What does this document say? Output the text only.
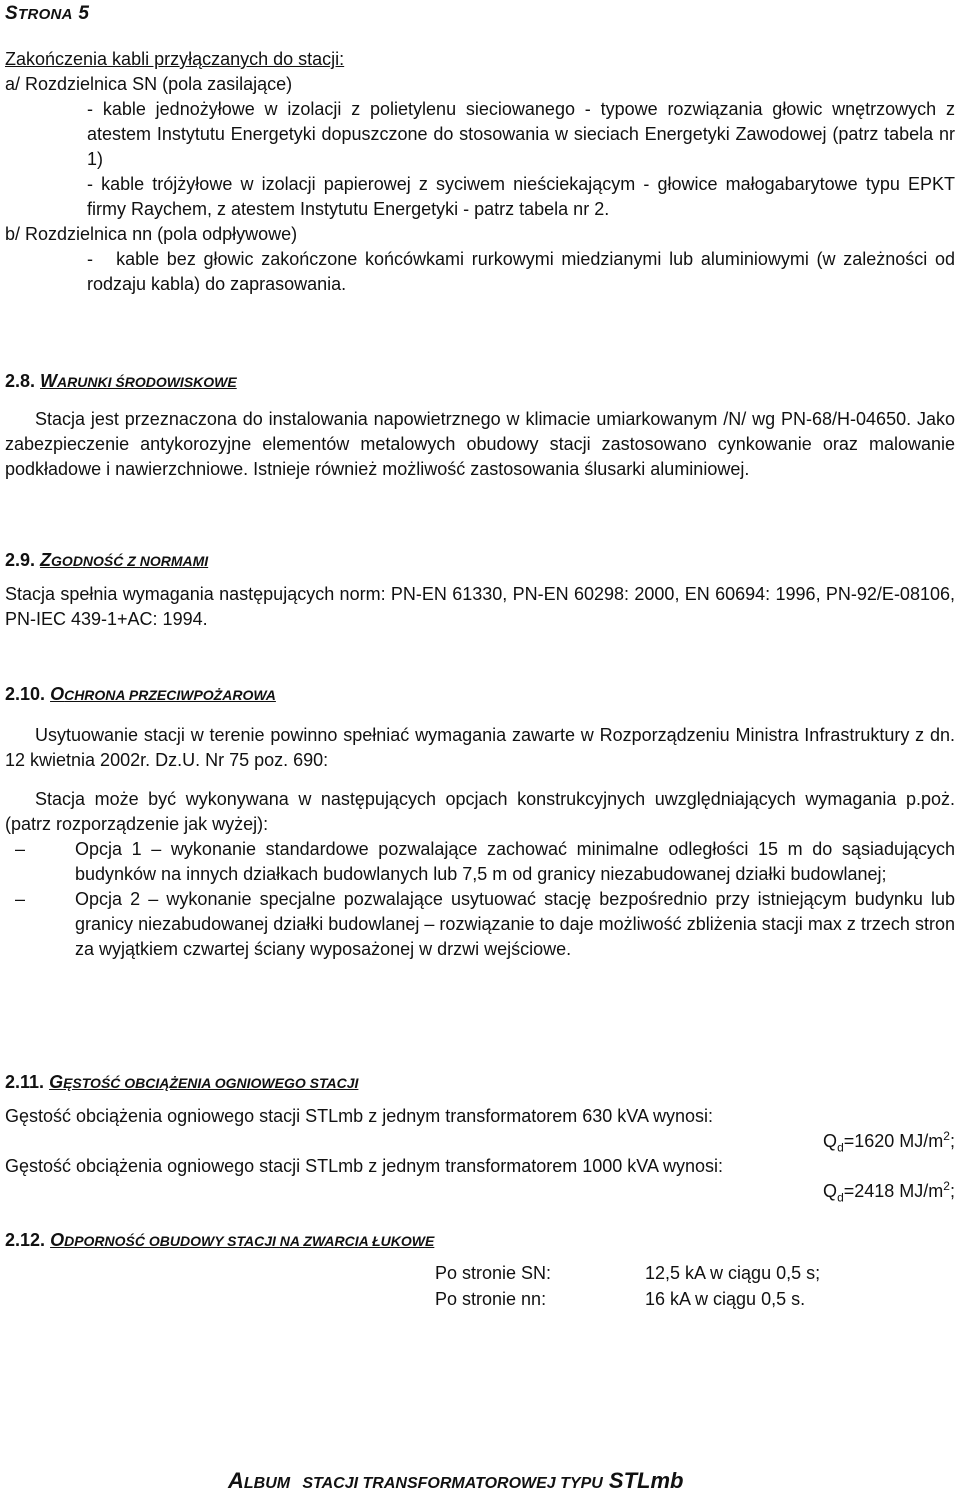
STRONA 5
Zakończenia kabli przyłączanych do stacji:
a/ Rozdzielnica SN (pola zasilające)
- kable jednożyłowe w izolacji z polietylenu sieciowanego - typowe rozwiązania głowic wnętrzowych z atestem Instytutu Energetyki dopuszczone do stosowania w sieciach Energetyki Zawodowej (patrz tabela nr 1)
- kable trójżyłowe w izolacji papierowej z syciwem nieściekającym - głowice małogabarytowe typu EPKT firmy Raychem, z atestem Instytutu Energetyki - patrz tabela nr 2.
b/ Rozdzielnica nn (pola odpływowe)
- kable bez głowic zakończone końcówkami rurkowymi miedzianymi lub aluminiowymi (w zależności od rodzaju kabla) do zaprasowania.
2.8. WARUNKI ŚRODOWISKOWE
Stacja jest przeznaczona do instalowania napowietrznego w klimacie umiarkowanym /N/ wg PN-68/H-04650. Jako zabezpieczenie antykorozyjne elementów metalowych obudowy stacji zastosowano cynkowanie oraz malowanie podkładowe i nawierzchniowe. Istnieje również możliwość zastosowania ślusarki aluminiowej.
2.9. ZGODNOŚĆ Z NORMAMI
Stacja spełnia wymagania następujących norm: PN-EN 61330, PN-EN 60298: 2000, EN 60694: 1996, PN-92/E-08106, PN-IEC 439-1+AC: 1994.
2.10. OCHRONA PRZECIWPOŻAROWA
Usytuowanie stacji w terenie powinno spełniać wymagania zawarte w Rozporządzeniu Ministra Infrastruktury z dn. 12 kwietnia 2002r. Dz.U. Nr 75 poz. 690:
Stacja może być wykonywana w następujących opcjach konstrukcyjnych uwzględniających wymagania p.poż. (patrz rozporządzenie jak wyżej):
–	Opcja 1 – wykonanie standardowe pozwalające zachować minimalne odległości 15 m do sąsiadujących budynków na innych działkach budowlanych lub 7,5 m od granicy niezabudowanej działki budowlanej;
–	Opcja 2 – wykonanie specjalne pozwalające usytuować stację bezpośrednio przy istniejącym budynku lub granicy niezabudowanej działki budowlanej – rozwiązanie to daje możliwość zbliżenia stacji max z trzech stron za wyjątkiem czwartej ściany wyposażonej w drzwi wejściowe.
2.11. GĘSTOŚĆ OBCIĄŻENIA OGNIOWEGO STACJI
Gęstość obciążenia ogniowego stacji STLmb z jednym transformatorem 630 kVA wynosi:
$Q_d=1620$ $MJ/m^2$;
Gęstość obciążenia ogniowego stacji STLmb z jednym transformatorem 1000 kVA wynosi:
$Q_d=2418$ $MJ/m^2$;
2.12. ODPORNOŚĆ OBUDOWY STACJI NA ZWARCIA ŁUKOWE
Po stronie SN:	12,5 kA w ciągu 0,5 s;
Po stronie nn:	16 kA w ciągu 0,5 s.
ALBUM STACJI TRANSFORMATOROWEJ TYPU STLmb
